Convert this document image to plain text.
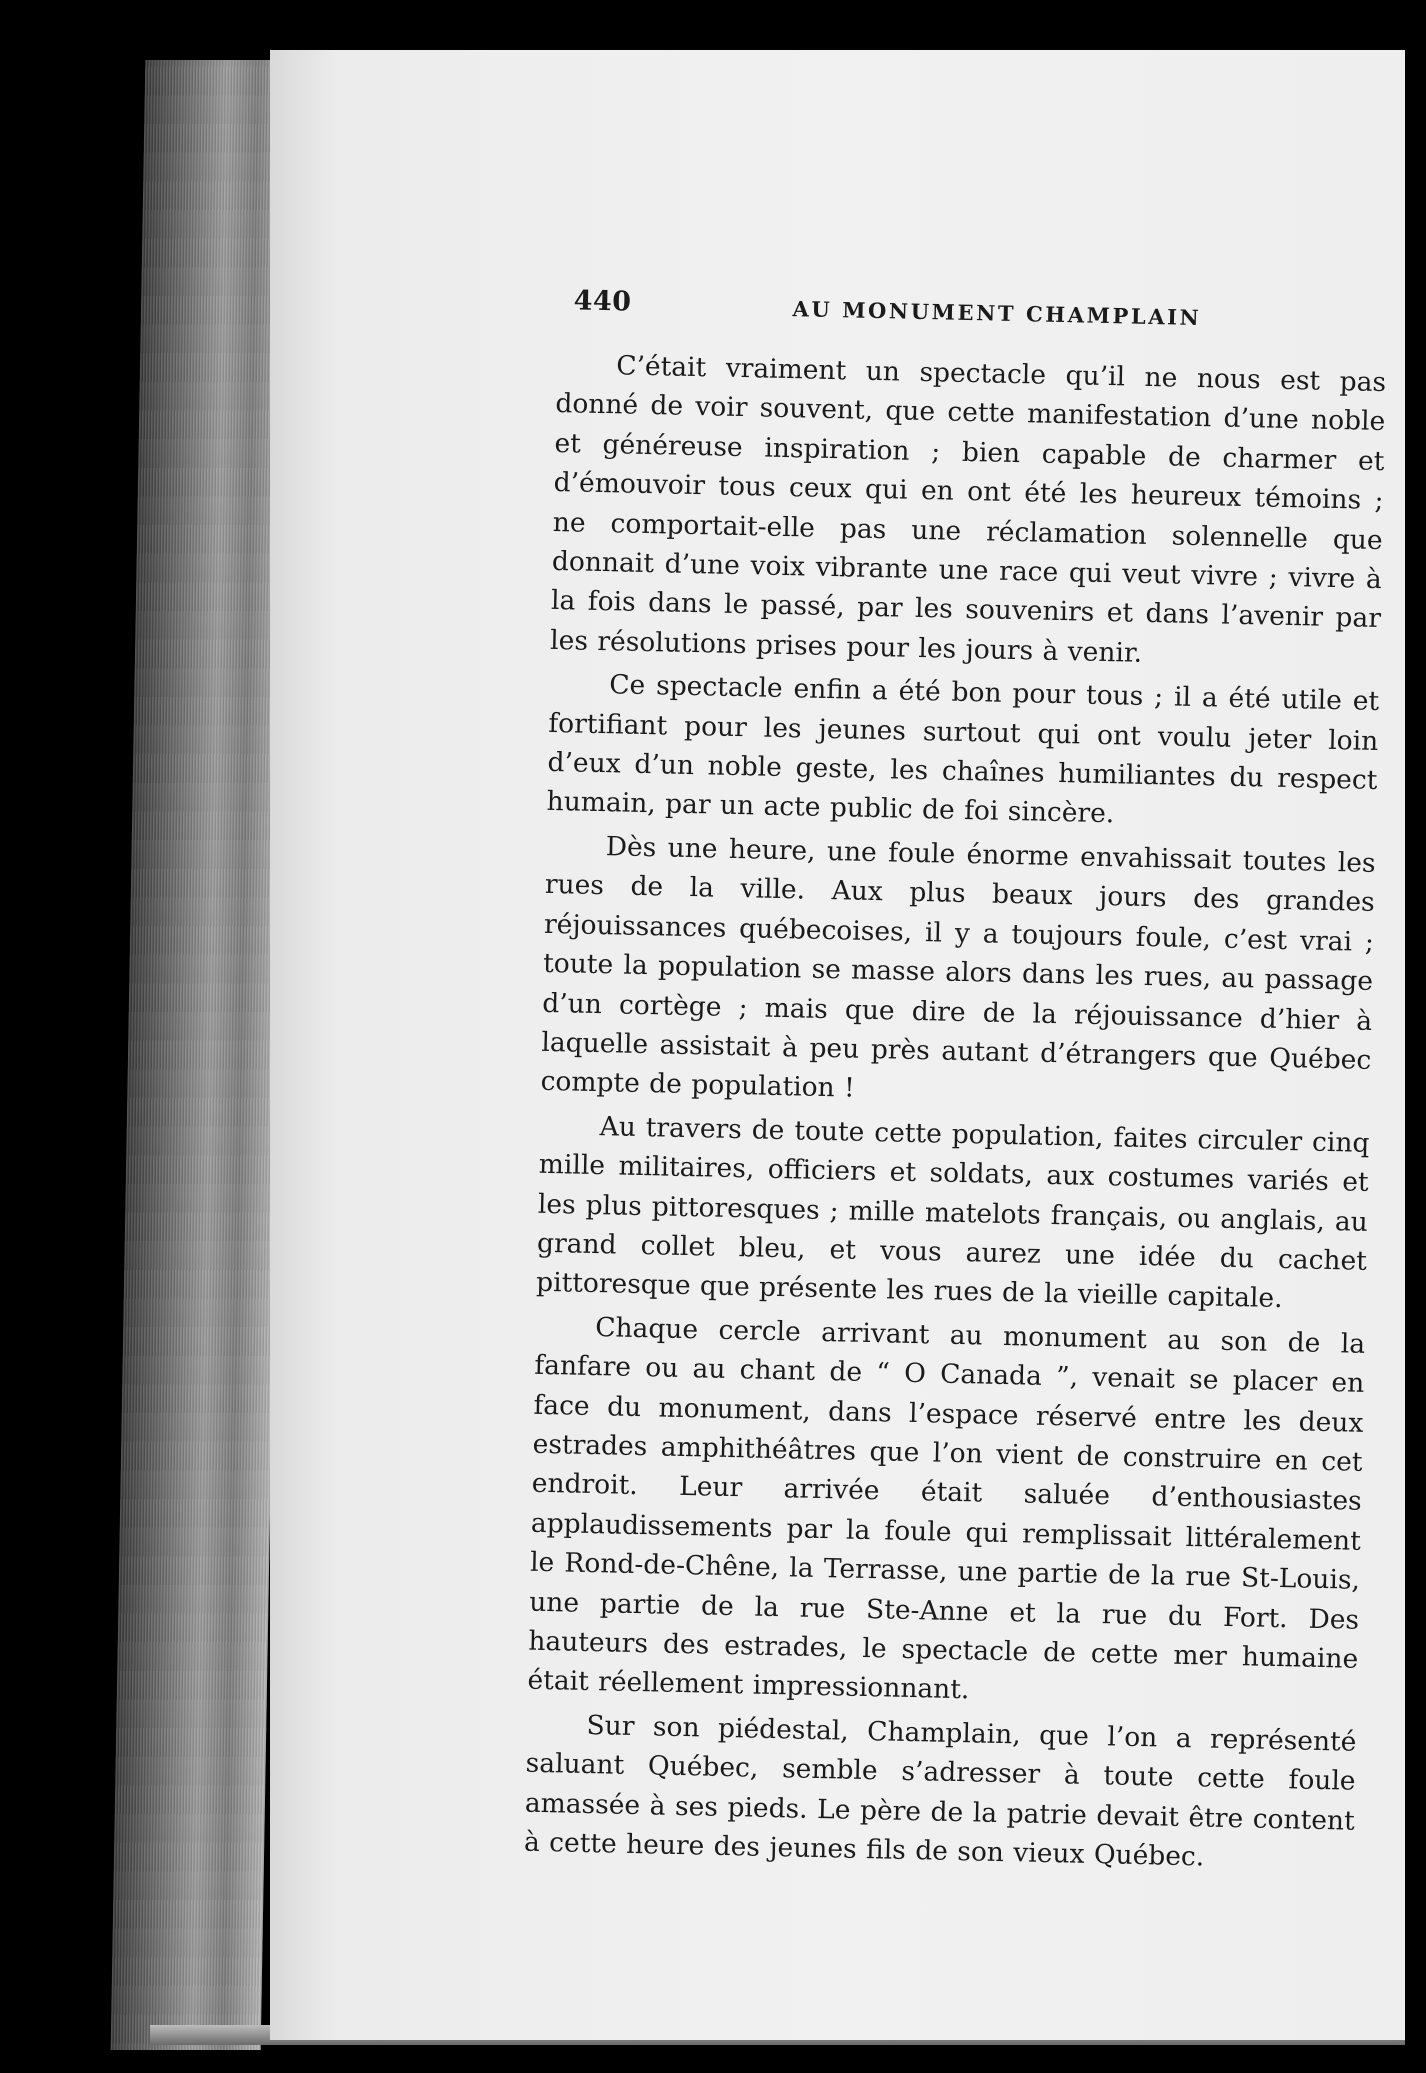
440	AU MONUMENT CHAMPLAIN

C’était vraiment un spectacle qu’il ne nous est pas donné de voir souvent, que cette manifestation d’une noble et généreuse inspiration ; bien capable de charmer et d’émouvoir tous ceux qui en ont été les heureux témoins ; ne comportait-elle pas une réclamation solennelle que donnait d’une voix vibrante une race qui veut vivre ; vivre à la fois dans le passé, par les souvenirs et dans l’avenir par les résolutions prises pour les jours à venir.

Ce spectacle enfin a été bon pour tous ; il a été utile et fortifiant pour les jeunes surtout qui ont voulu jeter loin d’eux d’un noble geste, les chaînes humiliantes du respect humain, par un acte public de foi sincère.

Dès une heure, une foule énorme envahissait toutes les rues de la ville. Aux plus beaux jours des grandes réjouissances québecoises, il y a toujours foule, c’est vrai ; toute la population se masse alors dans les rues, au passage d’un cortège ; mais que dire de la réjouissance d’hier à laquelle assistait à peu près autant d’étrangers que Québec compte de population !

Au travers de toute cette population, faites circuler cinq mille militaires, officiers et soldats, aux costumes variés et les plus pittoresques ; mille matelots français, ou anglais, au grand collet bleu, et vous aurez une idée du cachet pittoresque que présente les rues de la vieille capitale.

Chaque cercle arrivant au monument au son de la fanfare ou au chant de “ O Canada ”, venait se placer en face du monument, dans l’espace réservé entre les deux estrades amphithéâtres que l’on vient de construire en cet endroit. Leur arrivée était saluée d’enthousiastes applaudissements par la foule qui remplissait littéralement le Rond-de-Chêne, la Terrasse, une partie de la rue St-Louis, une partie de la rue Ste-Anne et la rue du Fort. Des hauteurs des estrades, le spectacle de cette mer humaine était réellement impressionnant.

Sur son piédestal, Champlain, que l’on a représenté saluant Québec, semble s’adresser à toute cette foule amassée à ses pieds. Le père de la patrie devait être content à cette heure des jeunes fils de son vieux Québec.
